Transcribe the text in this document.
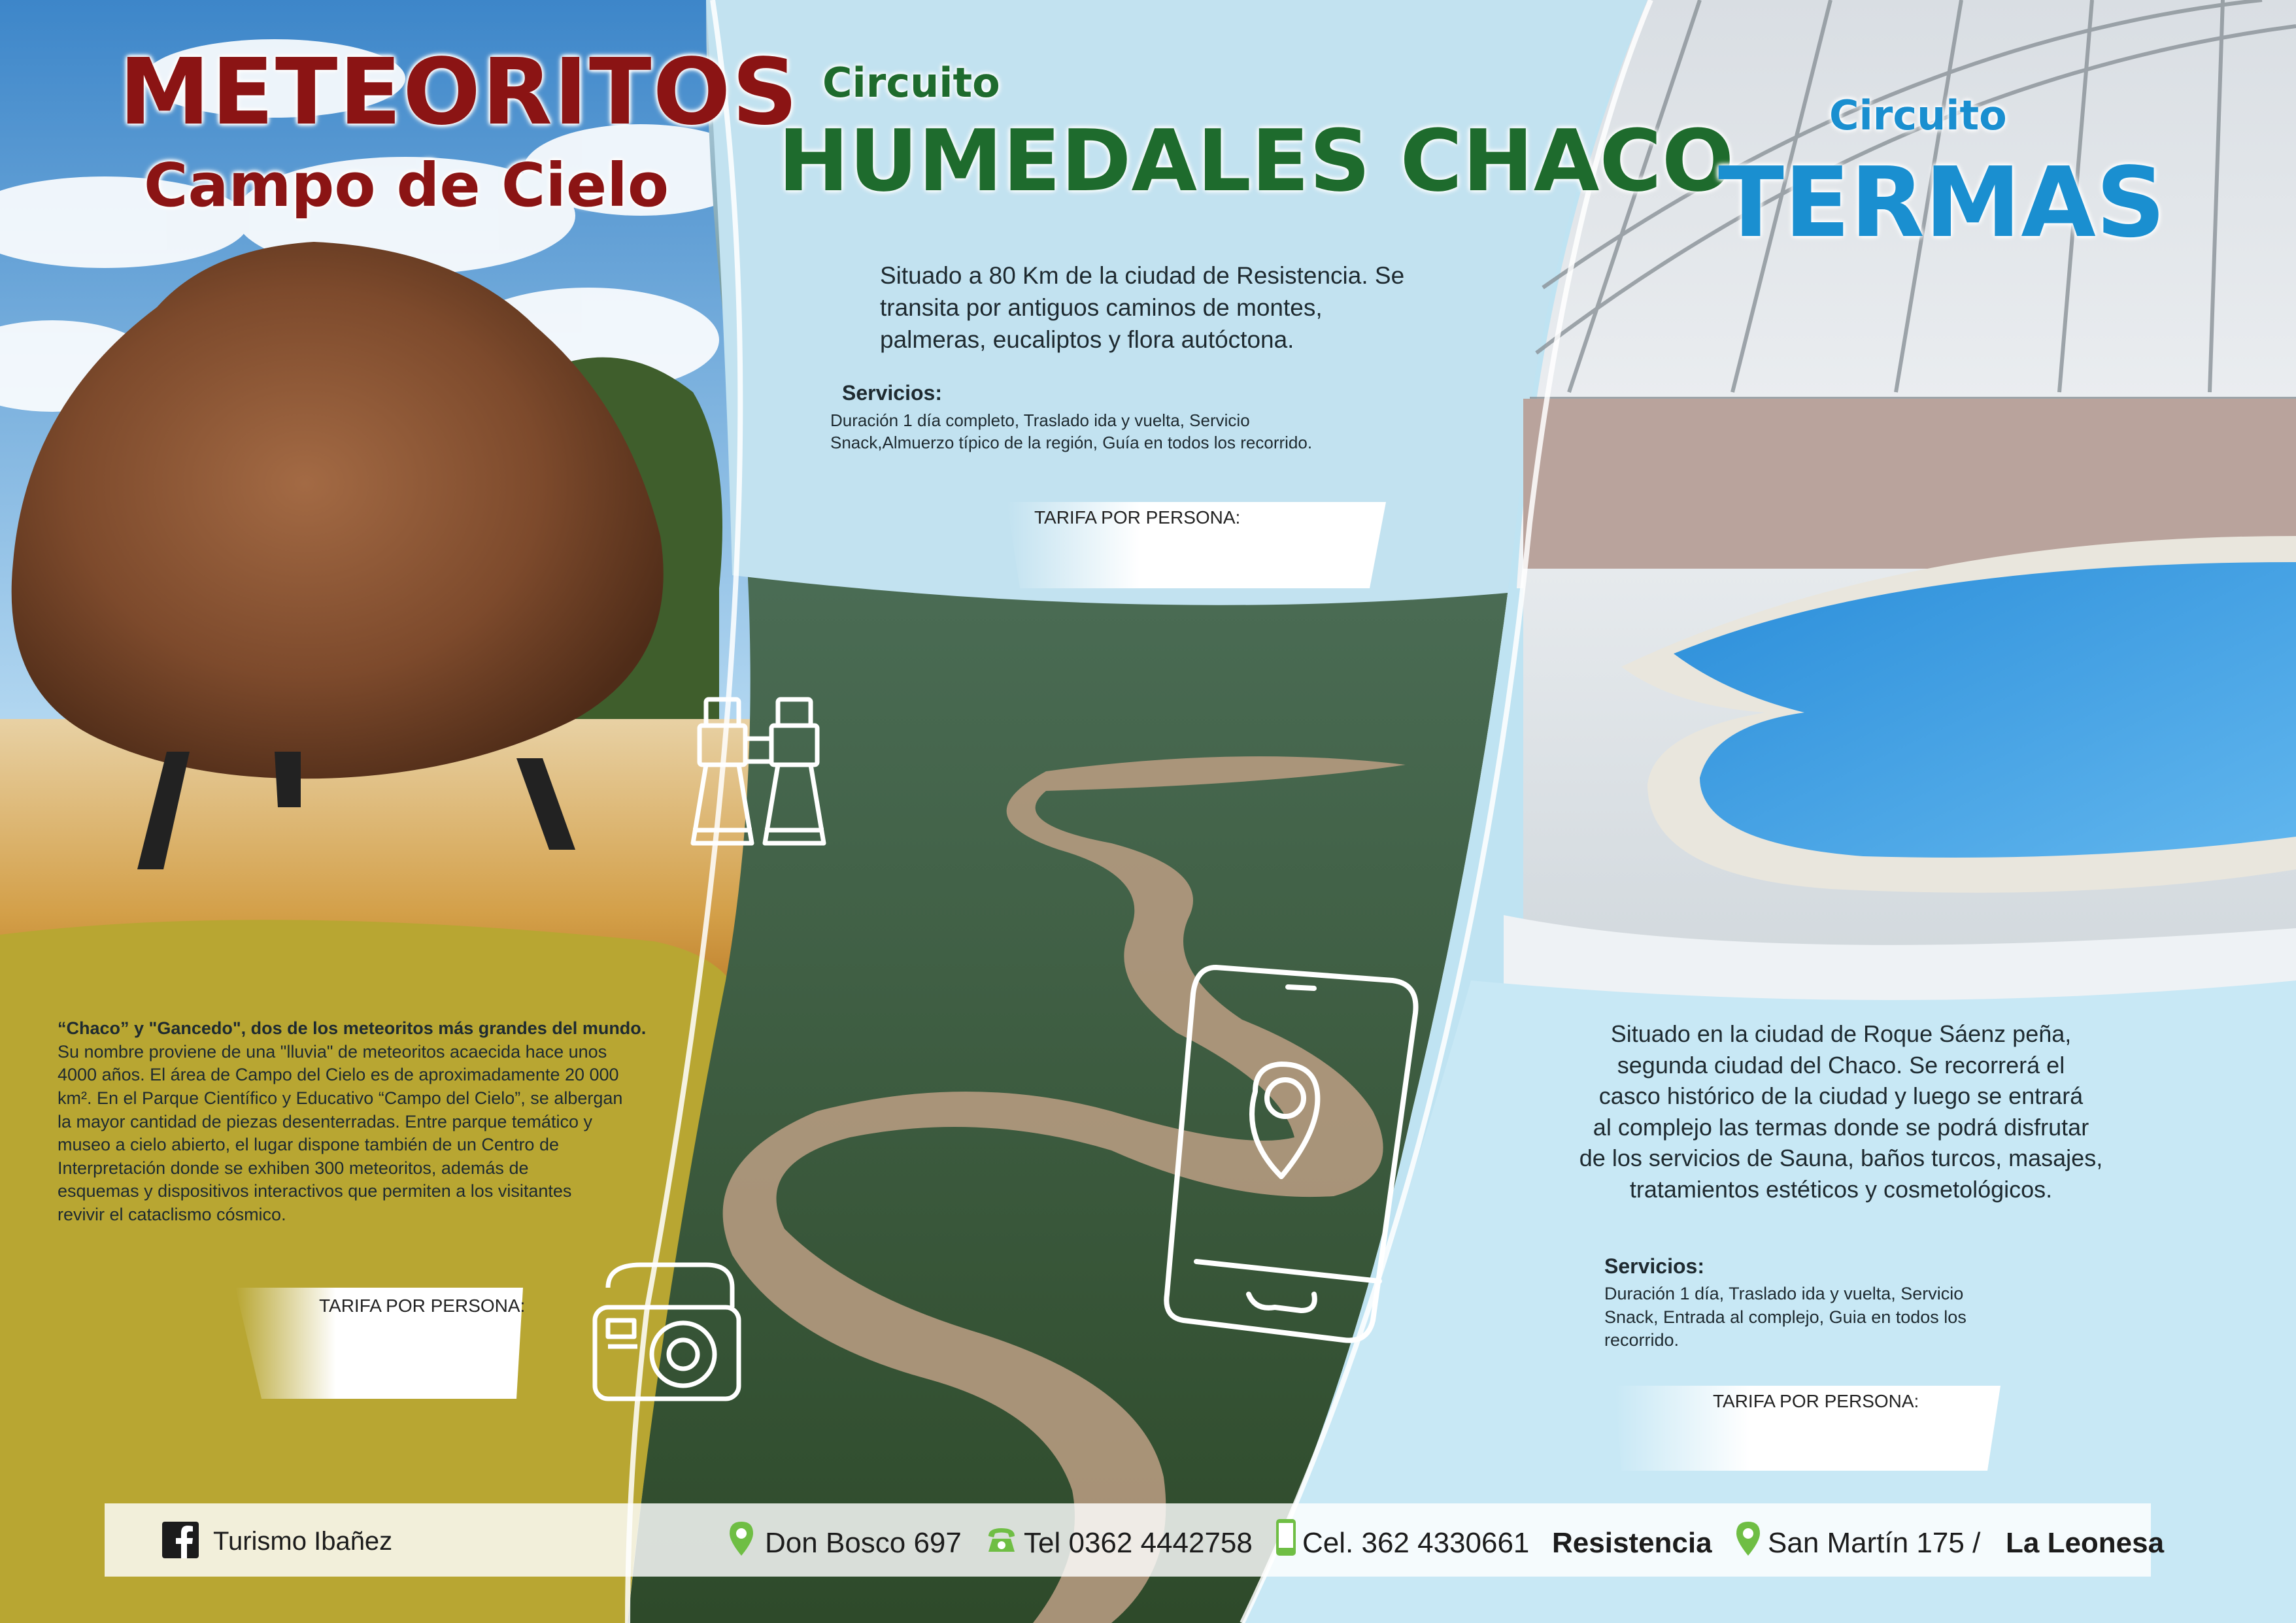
METEORITOS
Campo de Cielo
“Chaco” y "Gancedo", dos de los meteoritos más grandes del mundo.
Su nombre proviene de una "lluvia" de meteoritos acaecida hace unos
4000 años. El área de Campo del Cielo es de aproximadamente 20 000
km². En el Parque Científico y Educativo “Campo del Cielo”, se albergan
la mayor cantidad de piezas desenterradas. Entre parque temático y
museo a cielo abierto, el lugar dispone también de un Centro de
Interpretación donde se exhiben 300 meteoritos, además de
esquemas y dispositivos interactivos que permiten a los visitantes
revivir el cataclismo cósmico.
TARIFA POR PERSONA:
Circuito
HUMEDALES CHACO
Situado a 80 Km de la ciudad de Resistencia. Se
transita por antiguos caminos de montes,
palmeras, eucaliptos y flora autóctona.
Servicios:
Duración 1 día completo, Traslado ida y vuelta, Servicio
Snack,Almuerzo típico de la región, Guía en todos los recorrido.
TARIFA POR PERSONA:
Circuito
TERMAS
Situado en la ciudad de Roque Sáenz peña,
segunda ciudad del Chaco. Se recorrerá el
casco histórico de la ciudad y luego se entrará
al complejo las termas donde se podrá disfrutar
de los servicios de Sauna, baños turcos, masajes,
tratamientos estéticos y cosmetológicos.
Servicios:
Duración 1 día, Traslado ida y vuelta, Servicio
Snack, Entrada al complejo, Guia en todos los
recorrido.
TARIFA POR PERSONA:
Turismo Ibañez	Don Bosco 697 Tel 0362 4442758 Cel. 362 4330661 Resistencia San Martín 175 / La Leonesa
